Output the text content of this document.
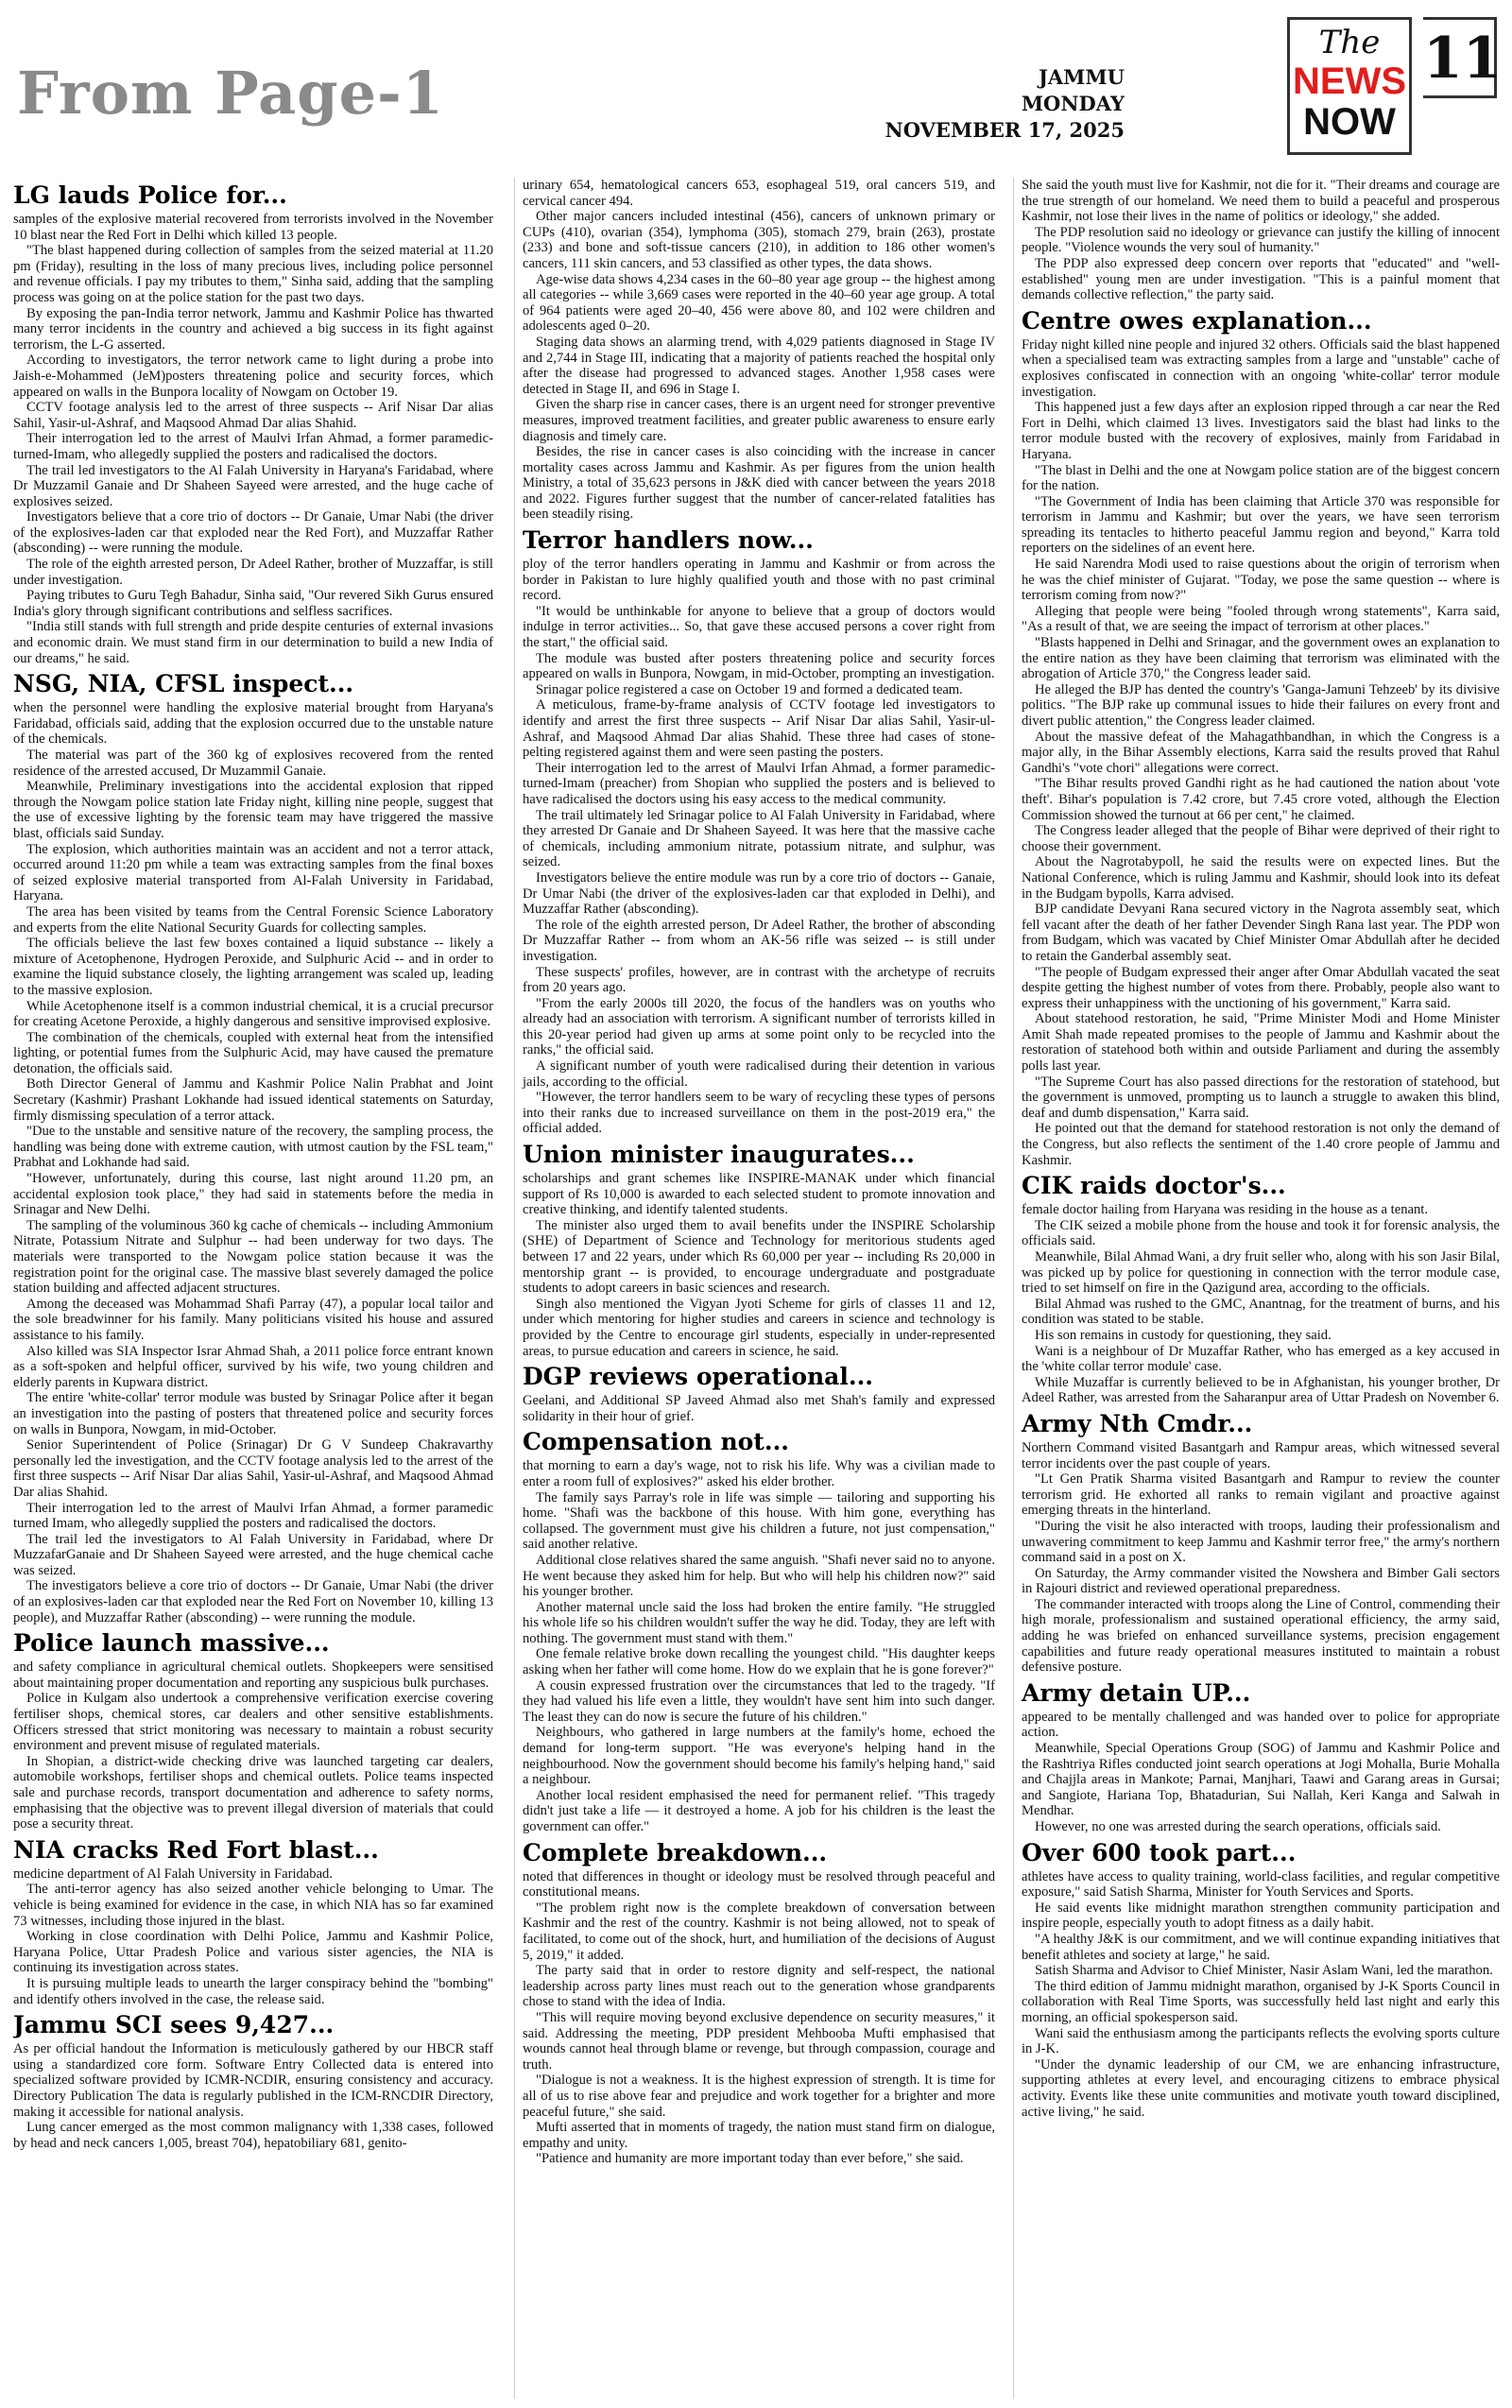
From Page-1	JAMMU
MONDAY
NOVEMBER 17, 2025
The
NEWS
NOW
11
LG lauds Police for...

samples of the explosive material recovered from terrorists involved in the November 10 blast near the Red Fort in Delhi which killed 13 people.

"The blast happened during collection of samples from the seized material at 11.20 pm (Friday), resulting in the loss of many precious lives, including police personnel and revenue officials. I pay my tributes to them," Sinha said, adding that the sampling process was going on at the police station for the past two days.

By exposing the pan-India terror network, Jammu and Kashmir Police has thwarted many terror incidents in the country and achieved a big success in its fight against terrorism, the L-G asserted.

According to investigators, the terror network came to light during a probe into Jaish-e-Mohammed (JeM)posters threatening police and security forces, which appeared on walls in the Bunpora locality of Nowgam on October 19.

CCTV footage analysis led to the arrest of three suspects -- Arif Nisar Dar alias Sahil, Yasir-ul-Ashraf, and Maqsood Ahmad Dar alias Shahid.

Their interrogation led to the arrest of Maulvi Irfan Ahmad, a former paramedic-turned-Imam, who allegedly supplied the posters and radicalised the doctors.

The trail led investigators to the Al Falah University in Haryana's Faridabad, where Dr Muzzamil Ganaie and Dr Shaheen Sayeed were arrested, and the huge cache of explosives seized.

Investigators believe that a core trio of doctors -- Dr Ganaie, Umar Nabi (the driver of the explosives-laden car that exploded near the Red Fort), and Muzzaffar Rather (absconding) -- were running the module.

The role of the eighth arrested person, Dr Adeel Rather, brother of Muzzaffar, is still under investigation.

Paying tributes to Guru Tegh Bahadur, Sinha said, "Our revered Sikh Gurus ensured India's glory through significant contributions and selfless sacrifices.

"India still stands with full strength and pride despite centuries of external invasions and economic drain. We must stand firm in our determination to build a new India of our dreams," he said.

NSG, NIA, CFSL inspect...

when the personnel were handling the explosive material brought from Haryana's Faridabad, officials said, adding that the explosion occurred due to the unstable nature of the chemicals.

The material was part of the 360 kg of explosives recovered from the rented residence of the arrested accused, Dr Muzammil Ganaie.

Meanwhile, Preliminary investigations into the accidental explosion that ripped through the Nowgam police station late Friday night, killing nine people, suggest that the use of excessive lighting by the forensic team may have triggered the massive blast, officials said Sunday.

The explosion, which authorities maintain was an accident and not a terror attack, occurred around 11:20 pm while a team was extracting samples from the final boxes of seized explosive material transported from Al-Falah University in Faridabad, Haryana.

The area has been visited by teams from the Central Forensic Science Laboratory and experts from the elite National Security Guards for collecting samples.

The officials believe the last few boxes contained a liquid substance -- likely a mixture of Acetophenone, Hydrogen Peroxide, and Sulphuric Acid -- and in order to examine the liquid substance closely, the lighting arrangement was scaled up, leading to the massive explosion.

While Acetophenone itself is a common industrial chemical, it is a crucial precursor for creating Acetone Peroxide, a highly dangerous and sensitive improvised explosive.

The combination of the chemicals, coupled with external heat from the intensified lighting, or potential fumes from the Sulphuric Acid, may have caused the premature detonation, the officials said.

Both Director General of Jammu and Kashmir Police Nalin Prabhat and Joint Secretary (Kashmir) Prashant Lokhande had issued identical statements on Saturday, firmly dismissing speculation of a terror attack.

"Due to the unstable and sensitive nature of the recovery, the sampling process, the handling was being done with extreme caution, with utmost caution by the FSL team," Prabhat and Lokhande had said.

"However, unfortunately, during this course, last night around 11.20 pm, an accidental explosion took place," they had said in statements before the media in Srinagar and New Delhi.

The sampling of the voluminous 360 kg cache of chemicals -- including Ammonium Nitrate, Potassium Nitrate and Sulphur -- had been underway for two days. The materials were transported to the Nowgam police station because it was the registration point for the original case. The massive blast severely damaged the police station building and affected adjacent structures.

Among the deceased was Mohammad Shafi Parray (47), a popular local tailor and the sole breadwinner for his family. Many politicians visited his house and assured assistance to his family.

Also killed was SIA Inspector Israr Ahmad Shah, a 2011 police force entrant known as a soft-spoken and helpful officer, survived by his wife, two young children and elderly parents in Kupwara district.

The entire 'white-collar' terror module was busted by Srinagar Police after it began an investigation into the pasting of posters that threatened police and security forces on walls in Bunpora, Nowgam, in mid-October.

Senior Superintendent of Police (Srinagar) Dr G V Sundeep Chakravarthy personally led the investigation, and the CCTV footage analysis led to the arrest of the first three suspects -- Arif Nisar Dar alias Sahil, Yasir-ul-Ashraf, and Maqsood Ahmad Dar alias Shahid.

Their interrogation led to the arrest of Maulvi Irfan Ahmad, a former paramedic turned Imam, who allegedly supplied the posters and radicalised the doctors.

The trail led the investigators to Al Falah University in Faridabad, where Dr MuzzafarGanaie and Dr Shaheen Sayeed were arrested, and the huge chemical cache was seized.

The investigators believe a core trio of doctors -- Dr Ganaie, Umar Nabi (the driver of an explosives-laden car that exploded near the Red Fort on November 10, killing 13 people), and Muzzaffar Rather (absconding) -- were running the module.

Police launch massive...

and safety compliance in agricultural chemical outlets. Shopkeepers were sensitised about maintaining proper documentation and reporting any suspicious bulk purchases.

Police in Kulgam also undertook a comprehensive verification exercise covering fertiliser shops, chemical stores, car dealers and other sensitive establishments. Officers stressed that strict monitoring was necessary to maintain a robust security environment and prevent misuse of regulated materials.

In Shopian, a district-wide checking drive was launched targeting car dealers, automobile workshops, fertiliser shops and chemical outlets. Police teams inspected sale and purchase records, transport documentation and adherence to safety norms, emphasising that the objective was to prevent illegal diversion of materials that could pose a security threat.

NIA cracks Red Fort blast...

medicine department of Al Falah University in Faridabad.

The anti-terror agency has also seized another vehicle belonging to Umar. The vehicle is being examined for evidence in the case, in which NIA has so far examined 73 witnesses, including those injured in the blast.

Working in close coordination with Delhi Police, Jammu and Kashmir Police, Haryana Police, Uttar Pradesh Police and various sister agencies, the NIA is continuing its investigation across states.

It is pursuing multiple leads to unearth the larger conspiracy behind the "bombing" and identify others involved in the case, the release said.

Jammu SCI sees 9,427...

As per official handout the Information is meticulously gathered by our HBCR staff using a standardized core form. Software Entry Collected data is entered into specialized software provided by ICMR-NCDIR, ensuring consistency and accuracy. Directory Publication The data is regularly published in the ICM-RNCDIR Directory, making it accessible for national analysis.

Lung cancer emerged as the most common malignancy with 1,338 cases, followed by head and neck cancers 1,005, breast 704), hepatobiliary 681, genito-

urinary 654, hematological cancers 653, esophageal 519, oral cancers 519, and cervical cancer 494.

Other major cancers included intestinal (456), cancers of unknown primary or CUPs (410), ovarian (354), lymphoma (305), stomach 279, brain (263), prostate (233) and bone and soft-tissue cancers (210), in addition to 186 other women's cancers, 111 skin cancers, and 53 classified as other types, the data shows.

Age-wise data shows 4,234 cases in the 60–80 year age group -- the highest among all categories -- while 3,669 cases were reported in the 40–60 year age group. A total of 964 patients were aged 20–40, 456 were above 80, and 102 were children and adolescents aged 0–20.

Staging data shows an alarming trend, with 4,029 patients diagnosed in Stage IV and 2,744 in Stage III, indicating that a majority of patients reached the hospital only after the disease had progressed to advanced stages. Another 1,958 cases were detected in Stage II, and 696 in Stage I.

Given the sharp rise in cancer cases, there is an urgent need for stronger preventive measures, improved treatment facilities, and greater public awareness to ensure early diagnosis and timely care.

Besides, the rise in cancer cases is also coinciding with the increase in cancer mortality cases across Jammu and Kashmir. As per figures from the union health Ministry, a total of 35,623 persons in J&K died with cancer between the years 2018 and 2022. Figures further suggest that the number of cancer-related fatalities has been steadily rising.

Terror handlers now...

ploy of the terror handlers operating in Jammu and Kashmir or from across the border in Pakistan to lure highly qualified youth and those with no past criminal record.

"It would be unthinkable for anyone to believe that a group of doctors would indulge in terror activities... So, that gave these accused persons a cover right from the start," the official said.

The module was busted after posters threatening police and security forces appeared on walls in Bunpora, Nowgam, in mid-October, prompting an investigation.

Srinagar police registered a case on October 19 and formed a dedicated team.

A meticulous, frame-by-frame analysis of CCTV footage led investigators to identify and arrest the first three suspects -- Arif Nisar Dar alias Sahil, Yasir-ul-Ashraf, and Maqsood Ahmad Dar alias Shahid. These three had cases of stone-pelting registered against them and were seen pasting the posters.

Their interrogation led to the arrest of Maulvi Irfan Ahmad, a former paramedic-turned-Imam (preacher) from Shopian who supplied the posters and is believed to have radicalised the doctors using his easy access to the medical community.

The trail ultimately led Srinagar police to Al Falah University in Faridabad, where they arrested Dr Ganaie and Dr Shaheen Sayeed. It was here that the massive cache of chemicals, including ammonium nitrate, potassium nitrate, and sulphur, was seized.

Investigators believe the entire module was run by a core trio of doctors -- Ganaie, Dr Umar Nabi (the driver of the explosives-laden car that exploded in Delhi), and Muzzaffar Rather (absconding).

The role of the eighth arrested person, Dr Adeel Rather, the brother of absconding Dr Muzzaffar Rather -- from whom an AK-56 rifle was seized -- is still under investigation.

These suspects' profiles, however, are in contrast with the archetype of recruits from 20 years ago.

"From the early 2000s till 2020, the focus of the handlers was on youths who already had an association with terrorism. A significant number of terrorists killed in this 20-year period had given up arms at some point only to be recycled into the ranks," the official said.

A significant number of youth were radicalised during their detention in various jails, according to the official.

"However, the terror handlers seem to be wary of recycling these types of persons into their ranks due to increased surveillance on them in the post-2019 era," the official added.

Union minister inaugurates...

scholarships and grant schemes like INSPIRE-MANAK under which financial support of Rs 10,000 is awarded to each selected student to promote innovation and creative thinking, and identify talented students.

The minister also urged them to avail benefits under the INSPIRE Scholarship (SHE) of Department of Science and Technology for meritorious students aged between 17 and 22 years, under which Rs 60,000 per year -- including Rs 20,000 in mentorship grant -- is provided, to encourage undergraduate and postgraduate students to adopt careers in basic sciences and research.

Singh also mentioned the Vigyan Jyoti Scheme for girls of classes 11 and 12, under which mentoring for higher studies and careers in science and technology is provided by the Centre to encourage girl students, especially in under-represented areas, to pursue education and careers in science, he said.

DGP reviews operational...

Geelani, and Additional SP Javeed Ahmad also met Shah's family and expressed solidarity in their hour of grief.

Compensation not...

that morning to earn a day's wage, not to risk his life. Why was a civilian made to enter a room full of explosives?" asked his elder brother.

The family says Parray's role in life was simple — tailoring and supporting his home. "Shafi was the backbone of this house. With him gone, everything has collapsed. The government must give his children a future, not just compensation," said another relative.

Additional close relatives shared the same anguish. "Shafi never said no to anyone. He went because they asked him for help. But who will help his children now?" said his younger brother.

Another maternal uncle said the loss had broken the entire family. "He struggled his whole life so his children wouldn't suffer the way he did. Today, they are left with nothing. The government must stand with them."

One female relative broke down recalling the youngest child. "His daughter keeps asking when her father will come home. How do we explain that he is gone forever?"

A cousin expressed frustration over the circumstances that led to the tragedy. "If they had valued his life even a little, they wouldn't have sent him into such danger. The least they can do now is secure the future of his children."

Neighbours, who gathered in large numbers at the family's home, echoed the demand for long-term support. "He was everyone's helping hand in the neighbourhood. Now the government should become his family's helping hand," said a neighbour.

Another local resident emphasised the need for permanent relief. "This tragedy didn't just take a life — it destroyed a home. A job for his children is the least the government can offer."

Complete breakdown...

noted that differences in thought or ideology must be resolved through peaceful and constitutional means.

"The problem right now is the complete breakdown of conversation between Kashmir and the rest of the country. Kashmir is not being allowed, not to speak of facilitated, to come out of the shock, hurt, and humiliation of the decisions of August 5, 2019," it added.

The party said that in order to restore dignity and self-respect, the national leadership across party lines must reach out to the generation whose grandparents chose to stand with the idea of India.

"This will require moving beyond exclusive dependence on security measures," it said. Addressing the meeting, PDP president Mehbooba Mufti emphasised that wounds cannot heal through blame or revenge, but through compassion, courage and truth.

"Dialogue is not a weakness. It is the highest expression of strength. It is time for all of us to rise above fear and prejudice and work together for a brighter and more peaceful future," she said.

Mufti asserted that in moments of tragedy, the nation must stand firm on dialogue, empathy and unity.

"Patience and humanity are more important today than ever before," she said.

She said the youth must live for Kashmir, not die for it. "Their dreams and courage are the true strength of our homeland. We need them to build a peaceful and prosperous Kashmir, not lose their lives in the name of politics or ideology," she added.

The PDP resolution said no ideology or grievance can justify the killing of innocent people. "Violence wounds the very soul of humanity."

The PDP also expressed deep concern over reports that "educated" and "well-established" young men are under investigation. "This is a painful moment that demands collective reflection," the party said.

Centre owes explanation...

Friday night killed nine people and injured 32 others. Officials said the blast happened when a specialised team was extracting samples from a large and "unstable" cache of explosives confiscated in connection with an ongoing 'white-collar' terror module investigation.

This happened just a few days after an explosion ripped through a car near the Red Fort in Delhi, which claimed 13 lives. Investigators said the blast had links to the terror module busted with the recovery of explosives, mainly from Faridabad in Haryana.

"The blast in Delhi and the one at Nowgam police station are of the biggest concern for the nation.

"The Government of India has been claiming that Article 370 was responsible for terrorism in Jammu and Kashmir; but over the years, we have seen terrorism spreading its tentacles to hitherto peaceful Jammu region and beyond," Karra told reporters on the sidelines of an event here.

He said Narendra Modi used to raise questions about the origin of terrorism when he was the chief minister of Gujarat. "Today, we pose the same question -- where is terrorism coming from now?"

Alleging that people were being "fooled through wrong statements", Karra said, "As a result of that, we are seeing the impact of terrorism at other places."

"Blasts happened in Delhi and Srinagar, and the government owes an explanation to the entire nation as they have been claiming that terrorism was eliminated with the abrogation of Article 370," the Congress leader said.

He alleged the BJP has dented the country's 'Ganga-Jamuni Tehzeeb' by its divisive politics. "The BJP rake up communal issues to hide their failures on every front and divert public attention," the Congress leader claimed.

About the massive defeat of the Mahagathbandhan, in which the Congress is a major ally, in the Bihar Assembly elections, Karra said the results proved that Rahul Gandhi's "vote chori" allegations were correct.

"The Bihar results proved Gandhi right as he had cautioned the nation about 'vote theft'. Bihar's population is 7.42 crore, but 7.45 crore voted, although the Election Commission showed the turnout at 66 per cent," he claimed.

The Congress leader alleged that the people of Bihar were deprived of their right to choose their government.

About the Nagrotabypoll, he said the results were on expected lines. But the National Conference, which is ruling Jammu and Kashmir, should look into its defeat in the Budgam bypolls, Karra advised.

BJP candidate Devyani Rana secured victory in the Nagrota assembly seat, which fell vacant after the death of her father Devender Singh Rana last year. The PDP won from Budgam, which was vacated by Chief Minister Omar Abdullah after he decided to retain the Ganderbal assembly seat.

"The people of Budgam expressed their anger after Omar Abdullah vacated the seat despite getting the highest number of votes from there. Probably, people also want to express their unhappiness with the unctioning of his government," Karra said.

About statehood restoration, he said, "Prime Minister Modi and Home Minister Amit Shah made repeated promises to the people of Jammu and Kashmir about the restoration of statehood both within and outside Parliament and during the assembly polls last year.

"The Supreme Court has also passed directions for the restoration of statehood, but the government is unmoved, prompting us to launch a struggle to awaken this blind, deaf and dumb dispensation," Karra said.

He pointed out that the demand for statehood restoration is not only the demand of the Congress, but also reflects the sentiment of the 1.40 crore people of Jammu and Kashmir.

CIK raids doctor's...

female doctor hailing from Haryana was residing in the house as a tenant.

The CIK seized a mobile phone from the house and took it for forensic analysis, the officials said.

Meanwhile, Bilal Ahmad Wani, a dry fruit seller who, along with his son Jasir Bilal, was picked up by police for questioning in connection with the terror module case, tried to set himself on fire in the Qazigund area, according to the officials.

Bilal Ahmad was rushed to the GMC, Anantnag, for the treatment of burns, and his condition was stated to be stable.

His son remains in custody for questioning, they said.

Wani is a neighbour of Dr Muzaffar Rather, who has emerged as a key accused in the 'white collar terror module' case.

While Muzaffar is currently believed to be in Afghanistan, his younger brother, Dr Adeel Rather, was arrested from the Saharanpur area of Uttar Pradesh on November 6.

Army Nth Cmdr...

Northern Command visited Basantgarh and Rampur areas, which witnessed several terror incidents over the past couple of years.

"Lt Gen Pratik Sharma visited Basantgarh and Rampur to review the counter terrorism grid. He exhorted all ranks to remain vigilant and proactive against emerging threats in the hinterland.

"During the visit he also interacted with troops, lauding their professionalism and unwavering commitment to keep Jammu and Kashmir terror free," the army's northern command said in a post on X.

On Saturday, the Army commander visited the Nowshera and Bimber Gali sectors in Rajouri district and reviewed operational preparedness.

The commander interacted with troops along the Line of Control, commending their high morale, professionalism and sustained operational efficiency, the army said, adding he was briefed on enhanced surveillance systems, precision engagement capabilities and future ready operational measures instituted to maintain a robust defensive posture.

Army detain UP...

appeared to be mentally challenged and was handed over to police for appropriate action.

Meanwhile, Special Operations Group (SOG) of Jammu and Kashmir Police and the Rashtriya Rifles conducted joint search operations at Jogi Mohalla, Burie Mohalla and Chajjla areas in Mankote; Parnai, Manjhari, Taawi and Garang areas in Gursai; and Sangiote, Hariana Top, Bhatadurian, Sui Nallah, Keri Kanga and Salwah in Mendhar.

However, no one was arrested during the search operations, officials said.

Over 600 took part...

athletes have access to quality training, world-class facilities, and regular competitive exposure," said Satish Sharma, Minister for Youth Services and Sports.

He said events like midnight marathon strengthen community participation and inspire people, especially youth to adopt fitness as a daily habit.

"A healthy J&K is our commitment, and we will continue expanding initiatives that benefit athletes and society at large," he said.

Satish Sharma and Advisor to Chief Minister, Nasir Aslam Wani, led the marathon.

The third edition of Jammu midnight marathon, organised by J-K Sports Council in collaboration with Real Time Sports, was successfully held last night and early this morning, an official spokesperson said.

Wani said the enthusiasm among the participants reflects the evolving sports culture in J-K.

"Under the dynamic leadership of our CM, we are enhancing infrastructure, supporting athletes at every level, and encouraging citizens to embrace physical activity. Events like these unite communities and motivate youth toward disciplined, active living," he said.
